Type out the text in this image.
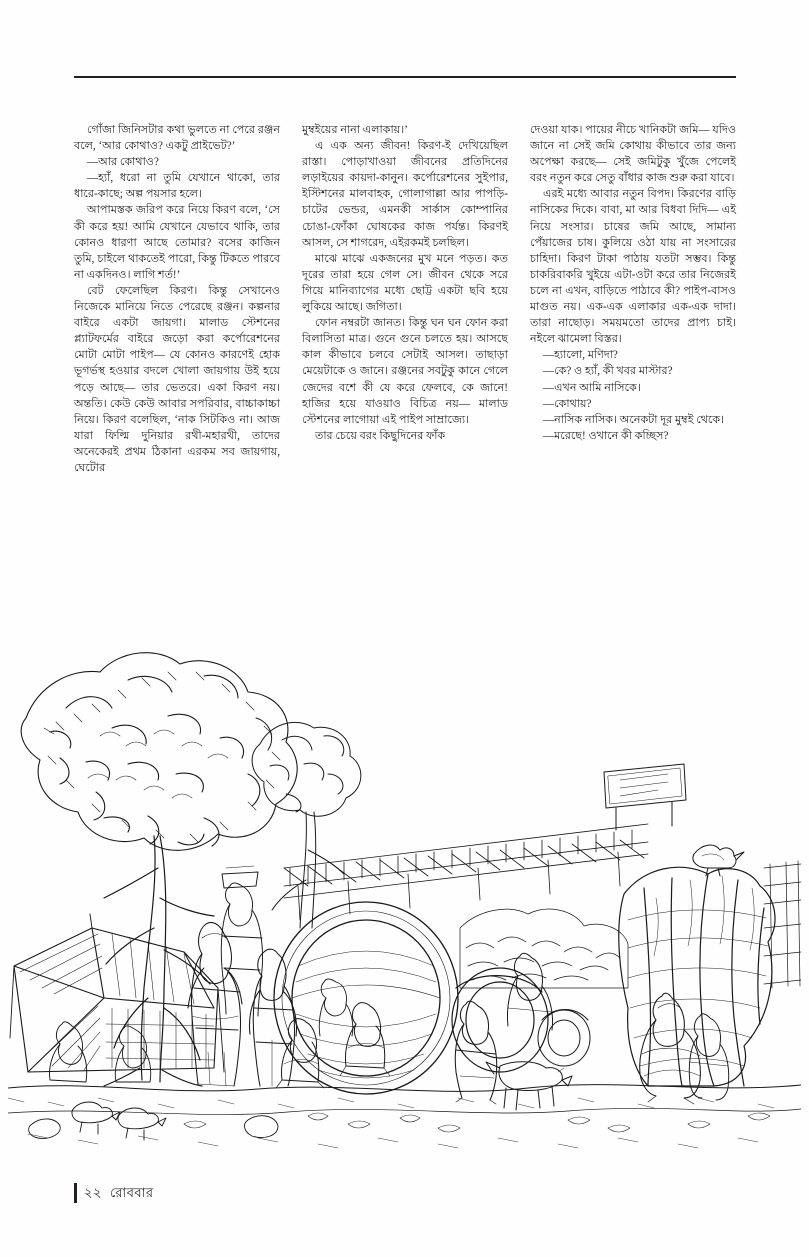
গোঁজা জিনিসটার কথা ভুলতে না পেরে রঞ্জন বলে, ‘আর কোথাও? একটু প্রাইভেট?’

—আর কোথাও?

—হ্যাঁ, ধরো না তুমি যেখানে থাকো, তার ধারে-কাছে; অল্প পয়সার হলে।

আপামস্তক জরিপ করে নিয়ে কিরণ বলে, ‘সে কী করে হয়! আমি যেখানে যেভাবে থাকি, তার কোনও ধারণা আছে তোমার? বসের কাজিন তুমি, চাইলে থাকতেই পারো, কিন্তু টিকতে পারবে না একদিনও। লাগি শর্ত!’

বেট ফেলেছিল কিরণ। কিন্তু সেখানেও নিজেকে মানিয়ে নিতে পেরেছে রঞ্জন। কল্পনার বাইরে একটা জায়গা। মালাড স্টেশনের প্ল্যাটফর্মের বাইরে জড়ো করা কর্পোরেশনের মোটা মোটা পাইপ— যে কোনও কারণেই হোক ভূগর্ভস্থ হওয়ার বদলে খোলা জায়গায় উই হয়ে পড়ে আছে— তার ভেতরে। একা কিরণ নয়। অন্ততি। কেউ কেউ আবার সপরিবার, বাচ্চাকাচ্চা নিয়ে। কিরণ বলেছিল, ‘নাক সিটকিও না। আজ যারা ফিল্মি দুনিয়ার রথী-মহারথী, তাদের অনেকেরই প্রথম ঠিকানা এরকম সব জায়গায়, ঘেটোর

মুম্বইয়ের নানা এলাকায়।’

এ এক অন্য জীবন! কিরণ-ই দেখিয়েছিল রাস্তা। পোড়াখাওয়া জীবনের প্রতিদিনের লড়াইয়ের কায়দা-কানুন। কর্পোরেশনের সুইপার, ইস্টিশনের মালবাহক, গোলাগাল্লা আর পাপড়ি-চাটের ভেন্ডর, এমনকী সার্কাস কোম্পানির চোঙা-ফোঁকা ঘোষকের কাজ পর্যন্ত। কিরণই আসল, সে শাগরেদ, এইরকমই চলছিল।

মাঝে মাঝে একজনের মুখ মনে পড়ত। কত দূরের তারা হয়ে গেল সে। জীবন থেকে সরে গিয়ে মানিব্যাগের মধ্যে ছোট্ট একটা ছবি হয়ে লুকিয়ে আছে। জগিতা।

ফোন নম্বরটা জানত। কিন্তু ঘন ঘন ফোন করা বিলাসিতা মাত্র। গুনে গুনে চলতে হয়। আসছে কাল কীভাবে চলবে সেটাই আসল। তাছাড়া মেয়েটাকে ও জানে। রঞ্জনের সবটুকু কানে গেলে জেদের বশে কী যে করে ফেলবে, কে জানে! হাজির হয়ে যাওয়াও বিচিত্র নয়— মালাড স্টেশনের লাগোয়া এই পাইপ সাম্রাজ্যে।

তার চেয়ে বরং কিছুদিনের ফাঁক

দেওয়া যাক। পায়ের নীচে খানিকটা জমি— যদিও জানে না সেই জমি কোথায় কীভাবে তার জন্য অপেক্ষা করছে— সেই জমিটুকু খুঁজে পেলেই বরং নতুন করে সেতু বাঁধার কাজ শুরু করা যাবে।

এরই মধ্যে আবার নতুন বিপদ। কিরণের বাড়ি নাসিকের দিকে। বাবা, মা আর বিধবা দিদি— এই নিয়ে সংসার। চাষের জমি আছে, সামান্য পেঁয়াজের চাষ। কুলিয়ে ওঠা যায় না সংসারের চাহিদা। কিরণ টাকা পাঠায় যতটা সম্ভব। কিন্তু চাকরিবাকরি খুইয়ে এটা-ওটা করে তার নিজেরই চলে না এখন, বাড়িতে পাঠাবে কী? পাইপ-বাসও মাগুত নয়। এক-এক এলাকার এক-এক দাদা। তারা নাছোড়। সময়মতো তাদের প্রাপ্য চাই। নইলে ঝামেলা বিস্তর।

—হ্যালো, মণিদা?

—কে? ও হ্যাঁ, কী খবর মাস্টার?

—এখন আমি নাসিকে।

—কোথায়?

—নাসিক নাসিক। অনেকটা দূর মুম্বই থেকে।

—মরেছে! ওখানে কী কচ্ছিস?

২২ রোববার
